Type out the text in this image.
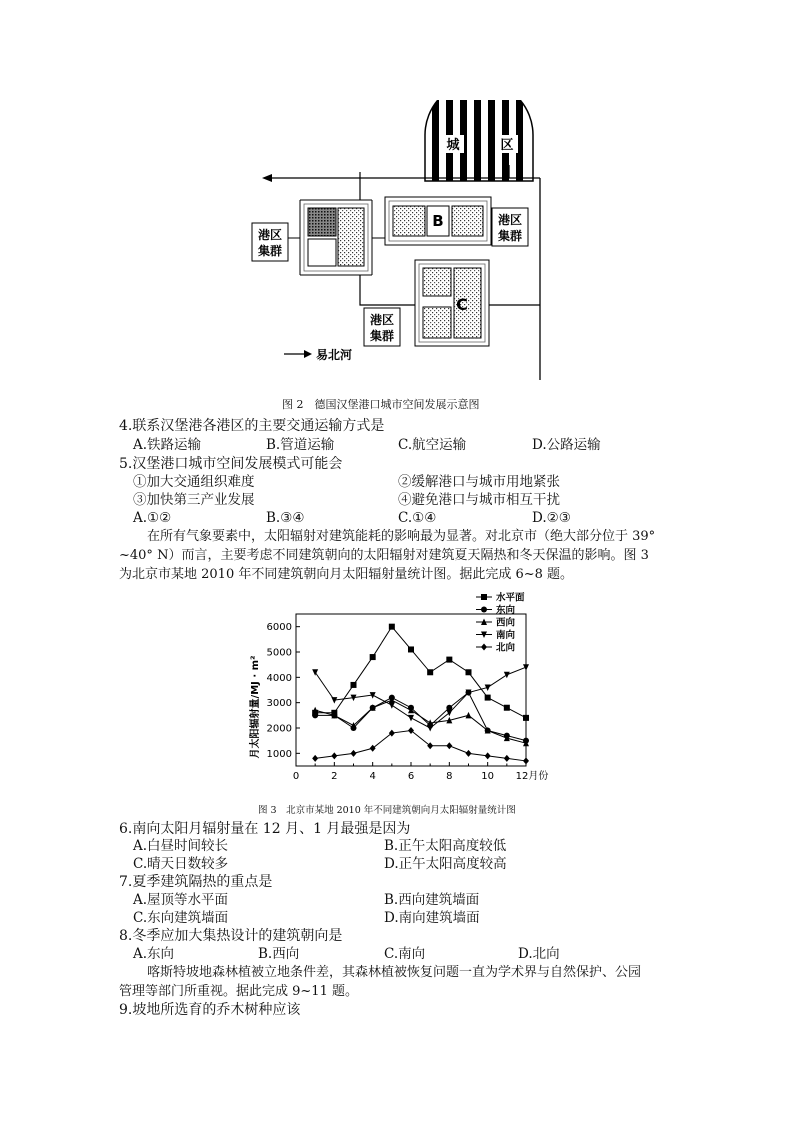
城	区
B
C
港区
集群
港区
集群
港区
集群
易北河
图 2　德国汉堡港口城市空间发展示意图
4.联系汉堡港各港区的主要交通运输方式是
A.铁路运输	B.管道运输	C.航空运输	D.公路运输
5.汉堡港口城市空间发展模式可能会
①加大交通组织难度	②缓解港口与城市用地紧张
③加快第三产业发展	④避免港口与城市相互干扰
A.①②	B.③④	C.①④	D.②③
在所有气象要素中，太阳辐射对建筑能耗的影响最为显著。对北京市（绝大部分位于 39°
~40° N）而言，主要考虑不同建筑朝向的太阳辐射对建筑夏天隔热和冬天保温的影响。图 3
为北京市某地 2010 年不同建筑朝向月太阳辐射量统计图。据此完成 6~8 题。
1000
2000
3000
4000
5000
6000
0	2	4	6	8	10 12月份
水平面
东向
西向
南向
北向
月太阳辐射量/MJ · m²
图 3　北京市某地 2010 年不同建筑朝向月太阳辐射量统计图
6.南向太阳月辐射量在 12 月、1 月最强是因为
A.白昼时间较长	B.正午太阳高度较低
C.晴天日数较多	D.正午太阳高度较高
7.夏季建筑隔热的重点是
A.屋顶等水平面	B.西向建筑墙面
C.东向建筑墙面	D.南向建筑墙面
8.冬季应加大集热设计的建筑朝向是
A.东向	B.西向	C.南向	D.北向
喀斯特坡地森林植被立地条件差，其森林植被恢复问题一直为学术界与自然保护、公园
管理等部门所重视。据此完成 9~11 题。
9.坡地所选育的乔木树种应该
